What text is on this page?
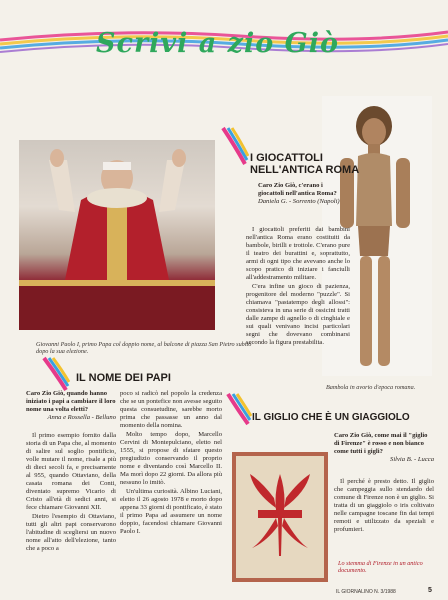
Scrivi a zio Giò
Giovanni Paolo I, primo Papa col doppio nome, al balcone di piazza San Pietro subito dopo la sua elezione.
Bambola in avorio d'epoca romana.
I GIOCATTOLI
NELL'ANTICA ROMA
Caro Zio Giò, c'erano i giocattoli nell'antica Roma?
Daniela G. - Sorrento (Napoli)

I giocattoli preferiti dai bambini nell'antica Roma erano costituiti da bambole, birilli e trottole. C'erano pure il teatro dei burattini e, soprattutto, armi di ogni tipo che avevano anche lo scopo pratico di iniziare i fanciulli all'addestramento militare.

C'era infine un gioco di pazienza, progenitore del moderno "puzzle". Si chiamava "pastatempo degli allossi": consisteva in una serie di ossicini tratti dalle zampe di agnello o di cinghiale e sui quali venivano incisi particolari segni che dovevano combinarsi secondo la figura prestabilita.

IL NOME DEI PAPI
Caro Zio Giò, quando hanno iniziato i papi a cambiare il loro nome una volta eletti?
Anna e Rossella - Belluno

Il primo esempio fornito dalla storia di un Papa che, al momento di salire sul soglio pontificio, volle mutare il nome, risale a più di dieci secoli fa, e precisamente al 955, quando Ottaviano, della casata romana dei Conti, diventato supremo Vicario di Cristo all'età di sedici anni, si fece chiamare Giovanni XII.

Dietro l'esempio di Ottaviano, tutti gli altri papi conservarono l'abitudine di scegliersi un nuovo nome all'atto dell'elezione, tanto che a poco a

poco si radicò nel popolo la credenza che se un pontefice non avesse seguito questa consuetudine, sarebbe morto prima che passasse un anno dal momento della nomina.

Molto tempo dopo, Marcello Cervini di Montepulciano, eletto nel 1555, si propose di sfatare questo pregiudizio conservando il proprio nome e diventando così Marcello II. Ma morì dopo 22 giorni. Da allora più nessuno lo imitò.

Un'ultima curiosità. Albino Luciani, eletto il 26 agosto 1978 e morto dopo appena 33 giorni di pontificato, è stato il primo Papa ad assumere un nome doppio, facendosi chiamare Giovanni Paolo I.

IL GIGLIO CHE È UN GIAGGIOLO
Caro Zio Giò, come mai il "giglio di Firenze" è rosso e non bianco come tutti i gigli?
Silvia B. - Lucca

Il perché è presto detto. Il giglio che campeggia sullo stendardo del comune di Firenze non è un giglio. Si tratta di un giaggiolo o iris coltivato nelle campagne toscane fin dai tempi remoti e utilizzato da speziali e profumieri.

Lo stemma di Firenze in un antico documento.
IL GIORNALINO N. 3/1988	5
